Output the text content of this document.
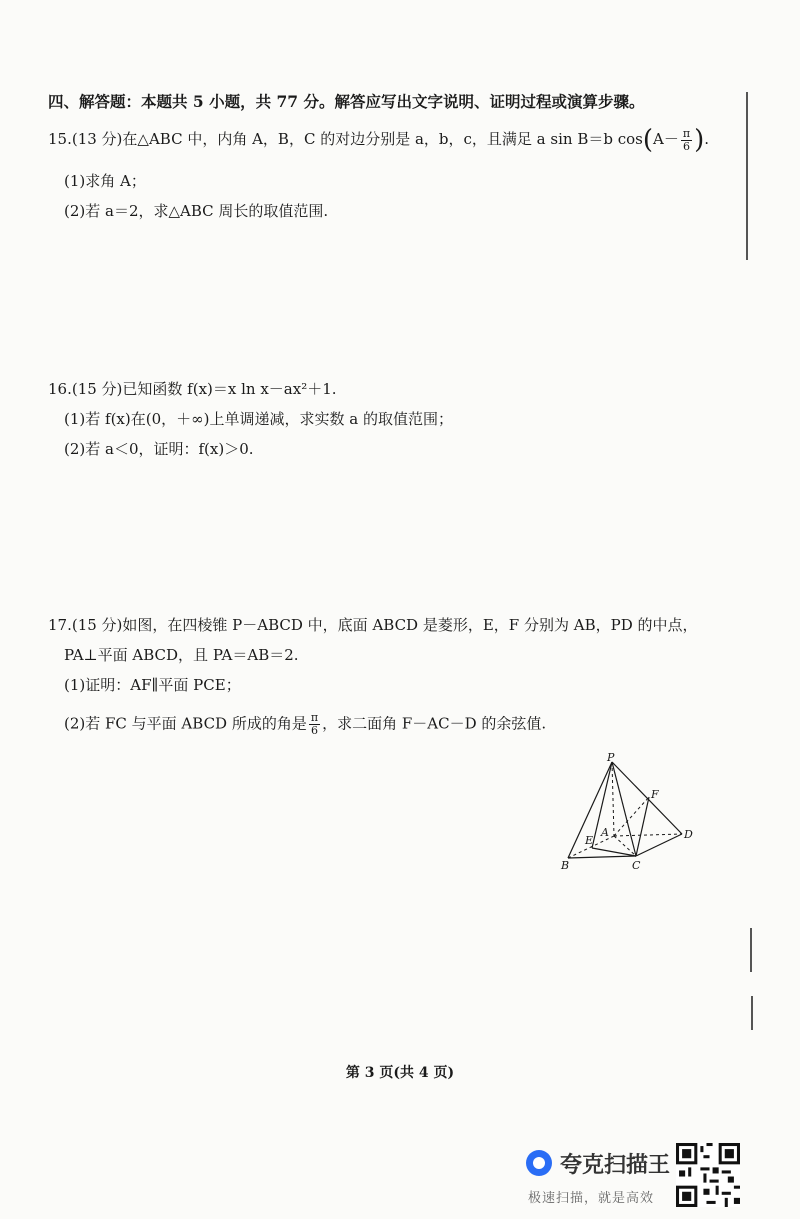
四、解答题：本题共 5 小题，共 77 分。解答应写出文字说明、证明过程或演算步骤。
15.(13 分)在△ABC 中，内角 A，B，C 的对边分别是 a，b，c，且满足 a sin B＝b $\cos(A- \frac{\pi}{6}$ ).
(1)求角 A；
(2)若 a＝2，求△ABC 周长的取值范围.
16.(15 分)已知函数 f(x)＝x ln x－ax²＋1.
(1)若 f(x)在(0，＋∞)上单调递减，求实数 a 的取值范围；
(2)若 a＜0，证明：f(x)＞0.
17.(15 分)如图，在四棱锥 P－ABCD 中，底面 ABCD 是菱形，E，F 分别为 AB，PD 的中点，
PA⊥平面 ABCD，且 PA＝AB＝2.
(1)证明：AF∥平面 PCE；
(2)若 FC 与平面 ABCD 所成的角是 $\frac{\pi}{6}$ ，求二面角 F－AC－D 的余弦值.
P
F
E
A	D
B	C
第 3 页(共 4 页)
夸克扫描王
极速扫描，就是高效
